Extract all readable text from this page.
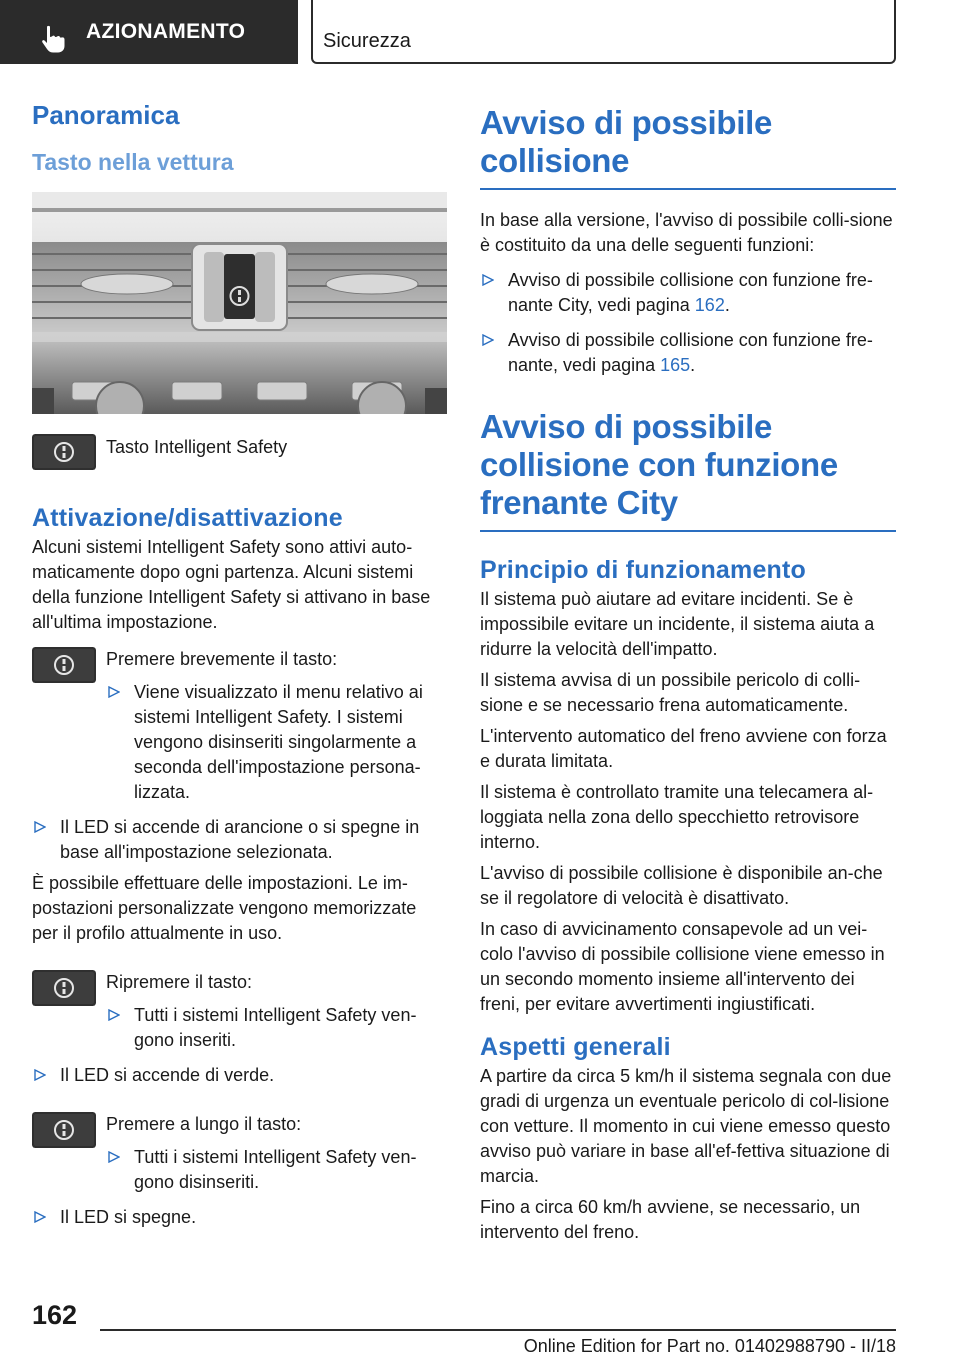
AZIONAMENTO	Sicurezza
Panoramica
Tasto nella vettura

Tasto Intelligent Safety

Attivazione/disattivazione

Alcuni sistemi Intelligent Safety sono attivi auto-maticamente dopo ogni partenza. Alcuni sistemi della funzione Intelligent Safety si attivano in base all'ultima impostazione.

Premere brevemente il tasto:

Viene visualizzato il menu relativo ai sistemi Intelligent Safety. I sistemi vengono disinseriti singolarmente a seconda dell'impostazione persona-lizzata.
Il LED si accende di arancione o si spegne in base all'impostazione selezionata.

È possibile effettuare delle impostazioni. Le im-postazioni personalizzate vengono memorizzate per il profilo attualmente in uso.

Ripremere il tasto:

Tutti i sistemi Intelligent Safety ven-gono inseriti.
Il LED si accende di verde.

Premere a lungo il tasto:

Tutti i sistemi Intelligent Safety ven-gono disinseriti.
Il LED si spegne.
Avviso di possibile collisione

In base alla versione, l'avviso di possibile colli-sione è costituito da una delle seguenti funzioni:

Avviso di possibile collisione con funzione fre-nante City, vedi pagina 162.
Avviso di possibile collisione con funzione fre-nante, vedi pagina 165.
Avviso di possibile collisione con funzione frenante City
Principio di funzionamento

Il sistema può aiutare ad evitare incidenti. Se è impossibile evitare un incidente, il sistema aiuta a ridurre la velocità dell'impatto.

Il sistema avvisa di un possibile pericolo di colli-sione e se necessario frena automaticamente.

L'intervento automatico del freno avviene con forza e durata limitata.

Il sistema è controllato tramite una telecamera al-loggiata nella zona dello specchietto retrovisore interno.

L'avviso di possibile collisione è disponibile an-che se il regolatore di velocità è disattivato.

In caso di avvicinamento consapevole ad un vei-colo l'avviso di possibile collisione viene emesso in un secondo momento insieme all'intervento dei freni, per evitare avvertimenti ingiustificati.

Aspetti generali

A partire da circa 5 km/h il sistema segnala con due gradi di urgenza un eventuale pericolo di col-lisione con vetture. Il momento in cui viene emesso questo avviso può variare in base all'ef-fettiva situazione di marcia.

Fino a circa 60 km/h avviene, se necessario, un intervento del freno.

162
Online Edition for Part no. 01402988790 - II/18
